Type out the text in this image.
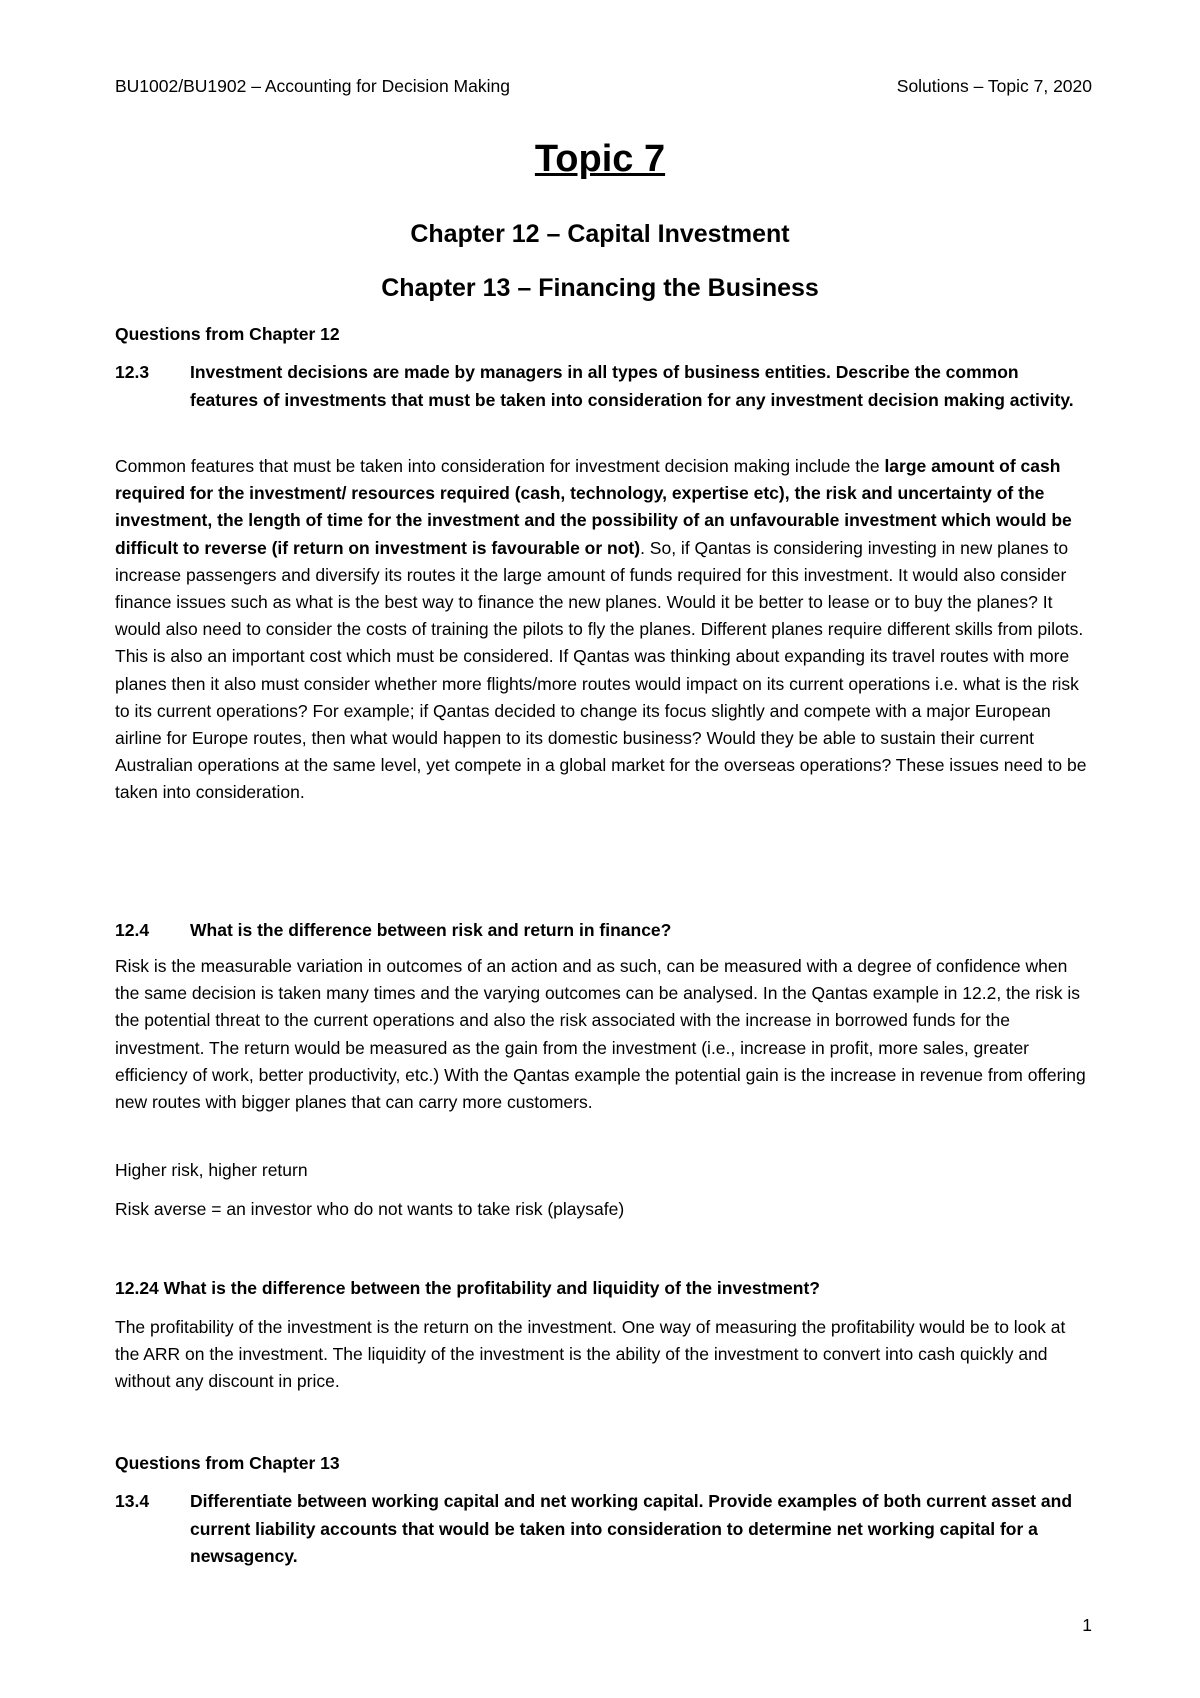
BU1002/BU1902 – Accounting for Decision Making	Solutions – Topic 7, 2020
Topic 7
Chapter 12 – Capital Investment
Chapter 13 – Financing the Business
Questions from Chapter 12
12.3 Investment decisions are made by managers in all types of business entities. Describe the common features of investments that must be taken into consideration for any investment decision making activity.
Common features that must be taken into consideration for investment decision making include the large amount of cash required for the investment/ resources required (cash, technology, expertise etc), the risk and uncertainty of the investment, the length of time for the investment and the possibility of an unfavourable investment which would be difficult to reverse (if return on investment is favourable or not). So, if Qantas is considering investing in new planes to increase passengers and diversify its routes it the large amount of funds required for this investment. It would also consider finance issues such as what is the best way to finance the new planes. Would it be better to lease or to buy the planes? It would also need to consider the costs of training the pilots to fly the planes. Different planes require different skills from pilots. This is also an important cost which must be considered. If Qantas was thinking about expanding its travel routes with more planes then it also must consider whether more flights/more routes would impact on its current operations i.e. what is the risk to its current operations? For example; if Qantas decided to change its focus slightly and compete with a major European airline for Europe routes, then what would happen to its domestic business? Would they be able to sustain their current Australian operations at the same level, yet compete in a global market for the overseas operations? These issues need to be taken into consideration.
12.4 What is the difference between risk and return in finance?
Risk is the measurable variation in outcomes of an action and as such, can be measured with a degree of confidence when the same decision is taken many times and the varying outcomes can be analysed. In the Qantas example in 12.2, the risk is the potential threat to the current operations and also the risk associated with the increase in borrowed funds for the investment. The return would be measured as the gain from the investment (i.e., increase in profit, more sales, greater efficiency of work, better productivity, etc.) With the Qantas example the potential gain is the increase in revenue from offering new routes with bigger planes that can carry more customers.
Higher risk, higher return
Risk averse = an investor who do not wants to take risk (playsafe)
12.24 What is the difference between the profitability and liquidity of the investment?
The profitability of the investment is the return on the investment. One way of measuring the profitability would be to look at the ARR on the investment. The liquidity of the investment is the ability of the investment to convert into cash quickly and without any discount in price.
Questions from Chapter 13
13.4 Differentiate between working capital and net working capital. Provide examples of both current asset and current liability accounts that would be taken into consideration to determine net working capital for a newsagency.
1
